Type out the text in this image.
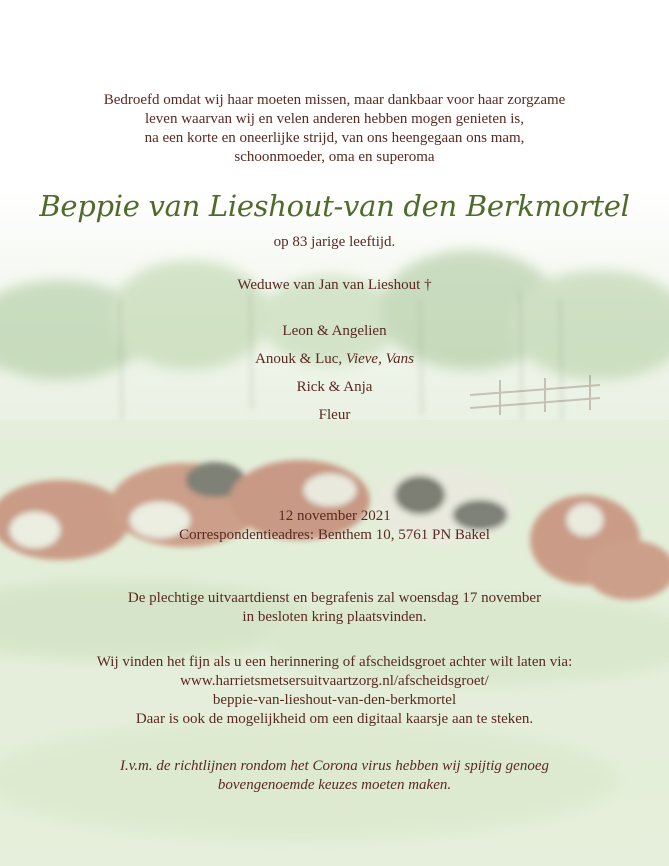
Bedroefd omdat wij haar moeten missen, maar dankbaar voor haar zorgzame
leven waarvan wij en velen anderen hebben mogen genieten is,
na een korte en oneerlijke strijd, van ons heengegaan ons mam,
schoonmoeder, oma en superoma
Beppie van Lieshout-van den Berkmortel
op 83 jarige leeftijd.
Weduwe van Jan van Lieshout †
Leon & Angelien
Anouk & Luc, Vieve, Vans
Rick & Anja
Fleur
12 november 2021
Correspondentieadres: Benthem 10, 5761 PN Bakel
De plechtige uitvaartdienst en begrafenis zal woensdag 17 november
in besloten kring plaatsvinden.
Wij vinden het fijn als u een herinnering of afscheidsgroet achter wilt laten via:
www.harrietsmetsersuitvaartzorg.nl/afscheidsgroet/
beppie-van-lieshout-van-den-berkmortel
Daar is ook de mogelijkheid om een digitaal kaarsje aan te steken.
I.v.m. de richtlijnen rondom het Corona virus hebben wij spijtig genoeg
bovengenoemde keuzes moeten maken.
